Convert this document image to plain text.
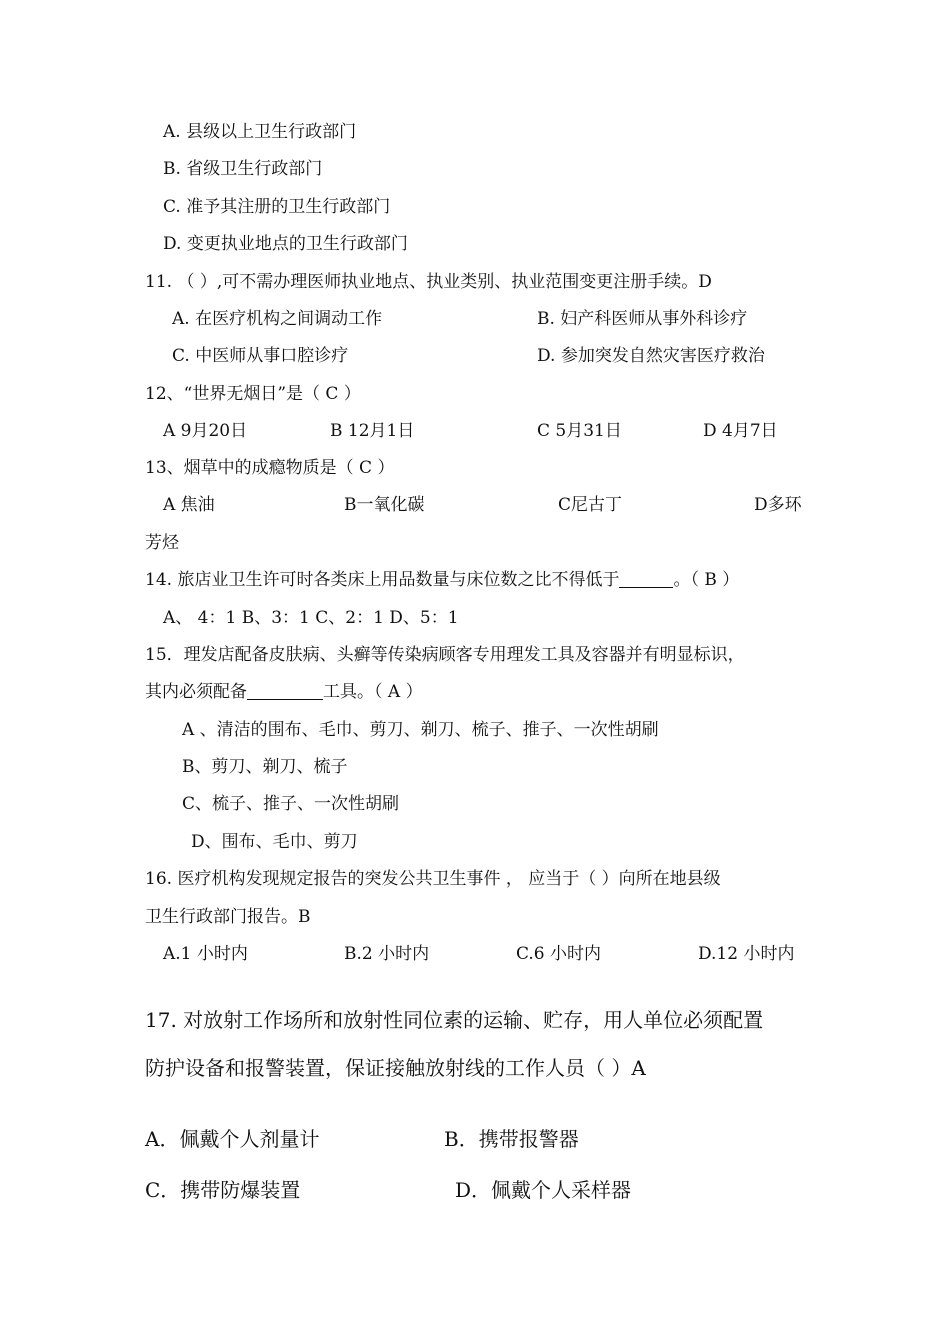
A. 县级以上卫生行政部门
B. 省级卫生行政部门
C. 准予其注册的卫生行政部门
D. 变更执业地点的卫生行政部门
11. （ ）,可不需办理医师执业地点、执业类别、执业范围变更注册手续。D
A. 在医疗机构之间调动工作	B. 妇产科医师从事外科诊疗
C. 中医师从事口腔诊疗	D. 参加突发自然灾害医疗救治
12、“世界无烟日”是（ C ）
A 9月20日	B 12月1日	C 5月31日	D 4月7日
13、烟草中的成瘾物质是（ C ）
A 焦油	B一氧化碳	C尼古丁	D多环
芳烃
14. 旅店业卫生许可时各类床上用品数量与床位数之比不得低于	。（ B ）
A、 4：1 B、3：1 C、2：1 D、5：1
15．理发店配备皮肤病、头癣等传染病顾客专用理发工具及容器并有明显标识，
其内必须配备	工具。（ A ）
A 、清洁的围布、毛巾、剪刀、剃刀、梳子、推子、一次性胡刷
B、剪刀、剃刀、梳子
C、梳子、推子、一次性胡刷
D、围布、毛巾、剪刀
16. 医疗机构发现规定报告的突发公共卫生事件 ， 应当于（ ）向所在地县级
卫生行政部门报告。B
A.1 小时内	B.2 小时内	C.6 小时内	D.12 小时内
17. 对放射工作场所和放射性同位素的运输、贮存，用人单位必须配置
防护设备和报警装置，保证接触放射线的工作人员（ ）A
A．佩戴个人剂量计	B．携带报警器
C．携带防爆装置	D．佩戴个人采样器
